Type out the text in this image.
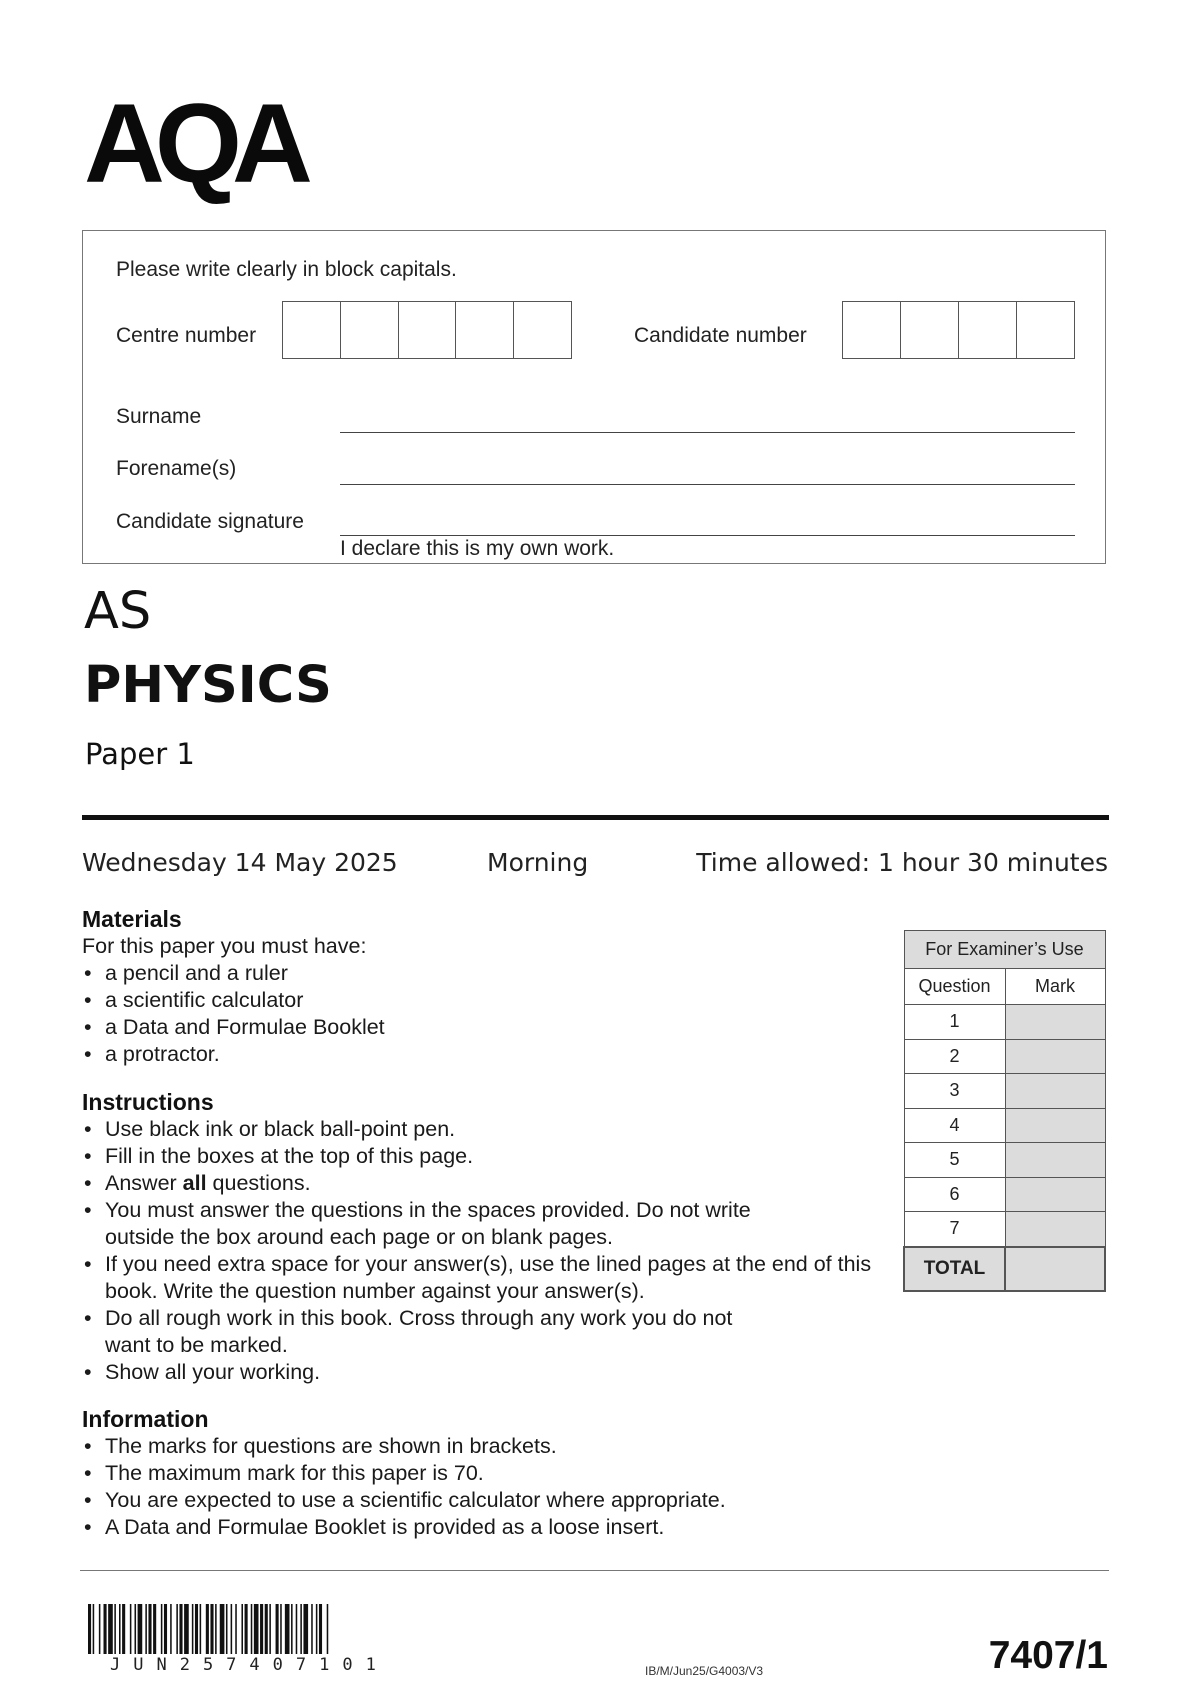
AQA
Please write clearly in block capitals.
Centre number	Candidate number
Surname
Forename(s)
Candidate signature
I declare this is my own work.
AS
PHYSICS
Paper 1
Wednesday 14 May 2025	Morning	Time allowed: 1 hour 30 minutes
Materials
For this paper you must have:
• a pencil and a ruler
• a scientific calculator
• a Data and Formulae Booklet
• a protractor.
Instructions
• Use black ink or black ball-point pen.
• Fill in the boxes at the top of this page.
• Answer all questions.
• You must answer the questions in the spaces provided. Do not write outside the box around each page or on blank pages.
• If you need extra space for your answer(s), use the lined pages at the end of this book. Write the question number against your answer(s).
• Do all rough work in this book. Cross through any work you do not want to be marked.
• Show all your working.
Information
• The marks for questions are shown in brackets.
• The maximum mark for this paper is 70.
• You are expected to use a scientific calculator where appropriate.
• A Data and Formulae Booklet is provided as a loose insert.
For Examiner’s Use	
Question	Mark
1	
2	
3	
4	
5	
6	
7	
TOTAL	
JUN257407101	IB/M/Jun25/G4003/V3	7407/1
